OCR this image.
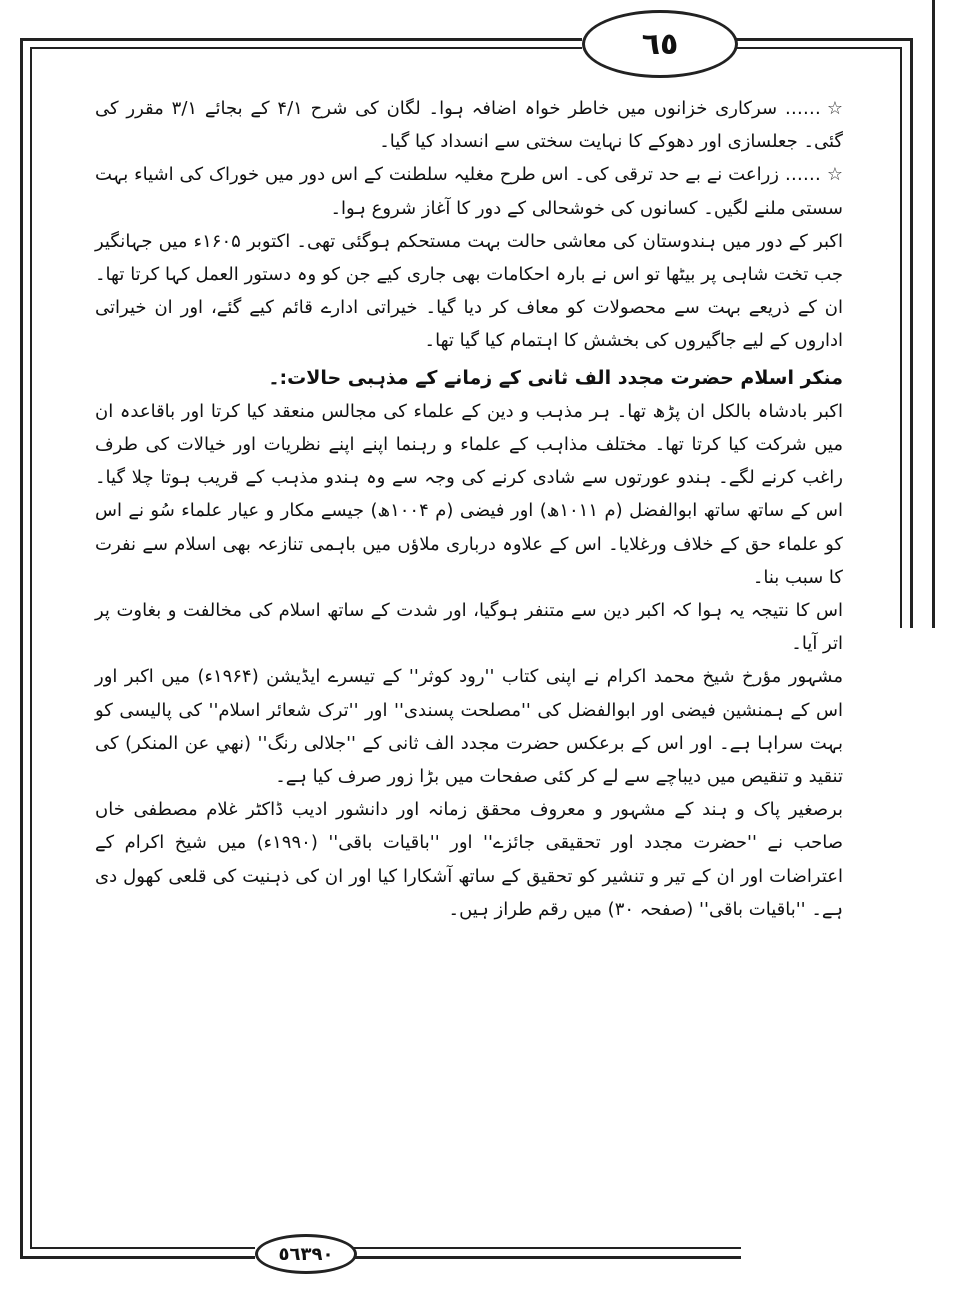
٦٥

☆…… سرکاری خزانوں میں خاطر خواہ اضافہ ہوا۔ لگان کی شرح ۴/۱ کے بجائے ۳/۱ مقرر کی گئی۔ جعلسازی اور دھوکے کا نہایت سختی سے انسداد کیا گیا۔

☆…… زراعت نے بے حد ترقی کی۔ اس طرح مغلیہ سلطنت کے اس دور میں خوراک کی اشیاء بہت سستی ملنے لگیں۔ کسانوں کی خوشحالی کے دور کا آغاز شروع ہوا۔

اکبر کے دور میں ہندوستان کی معاشی حالت بہت مستحکم ہوگئی تھی۔ اکتوبر ۱۶۰۵ء میں جہانگیر جب تخت شاہی پر بیٹھا تو اس نے بارہ احکامات بھی جاری کیے جن کو وہ دستور العمل کہا کرتا تھا۔ ان کے ذریعے بہت سے محصولات کو معاف کر دیا گیا۔ خیراتی ادارے قائم کیے گئے، اور ان خیراتی اداروں کے لیے جاگیروں کی بخشش کا اہتمام کیا گیا تھا۔

منکر اسلام حضرت مجدد الف ثانی کے زمانے کے مذہبی حالات:۔

اکبر بادشاہ بالکل ان پڑھ تھا۔ ہر مذہب و دین کے علماء کی مجالس منعقد کیا کرتا اور باقاعدہ ان میں شرکت کیا کرتا تھا۔ مختلف مذاہب کے علماء و رہنما اپنے اپنے نظریات اور خیالات کی طرف راغب کرنے لگے۔ ہندو عورتوں سے شادی کرنے کی وجہ سے وہ ہندو مذہب کے قریب ہوتا چلا گیا۔ اس کے ساتھ ساتھ ابوالفضل (م ۱۰۱۱ھ) اور فیضی (م ۱۰۰۴ھ) جیسے مکار و عیار علماء سُو نے اس کو علماء حق کے خلاف ورغلایا۔ اس کے علاوہ درباری ملاؤں میں باہمی تنازعہ بھی اسلام سے نفرت کا سبب بنا۔

اس کا نتیجہ یہ ہوا کہ اکبر دین سے متنفر ہوگیا، اور شدت کے ساتھ اسلام کی مخالفت و بغاوت پر اتر آیا۔

مشہور مؤرخ شیخ محمد اکرام نے اپنی کتاب ''رود کوثر'' کے تیسرے ایڈیشن (۱۹۶۴ء) میں اکبر اور اس کے ہمنشین فیضی اور ابوالفضل کی ''مصلحت پسندی'' اور ''ترک شعائر اسلام'' کی پالیسی کو بہت سراہا ہے۔ اور اس کے برعکس حضرت مجدد الف ثانی کے ''جلالی رنگ'' (نهي عن المنكر) کی تنقید و تنقیص میں دیباچے سے لے کر کئی صفحات میں بڑا زور صرف کیا ہے۔

برصغیر پاک و ہند کے مشہور و معروف محقق زمانہ اور دانشور ادیب ڈاکٹر غلام مصطفی خاں صاحب نے ''حضرت مجدد اور تحقیقی جائزے'' اور ''باقیات باقی'' (۱۹۹۰ء) میں شیخ اکرام کے اعتراضات اور ان کے تیر و تنشیر کو تحقیق کے ساتھ آشکارا کیا اور ان کی ذہنیت کی قلعی کھول دی ہے۔ ''باقیات باقی'' (صفحہ ۳۰) میں رقم طراز ہیں۔

٥٦٣٩٠
